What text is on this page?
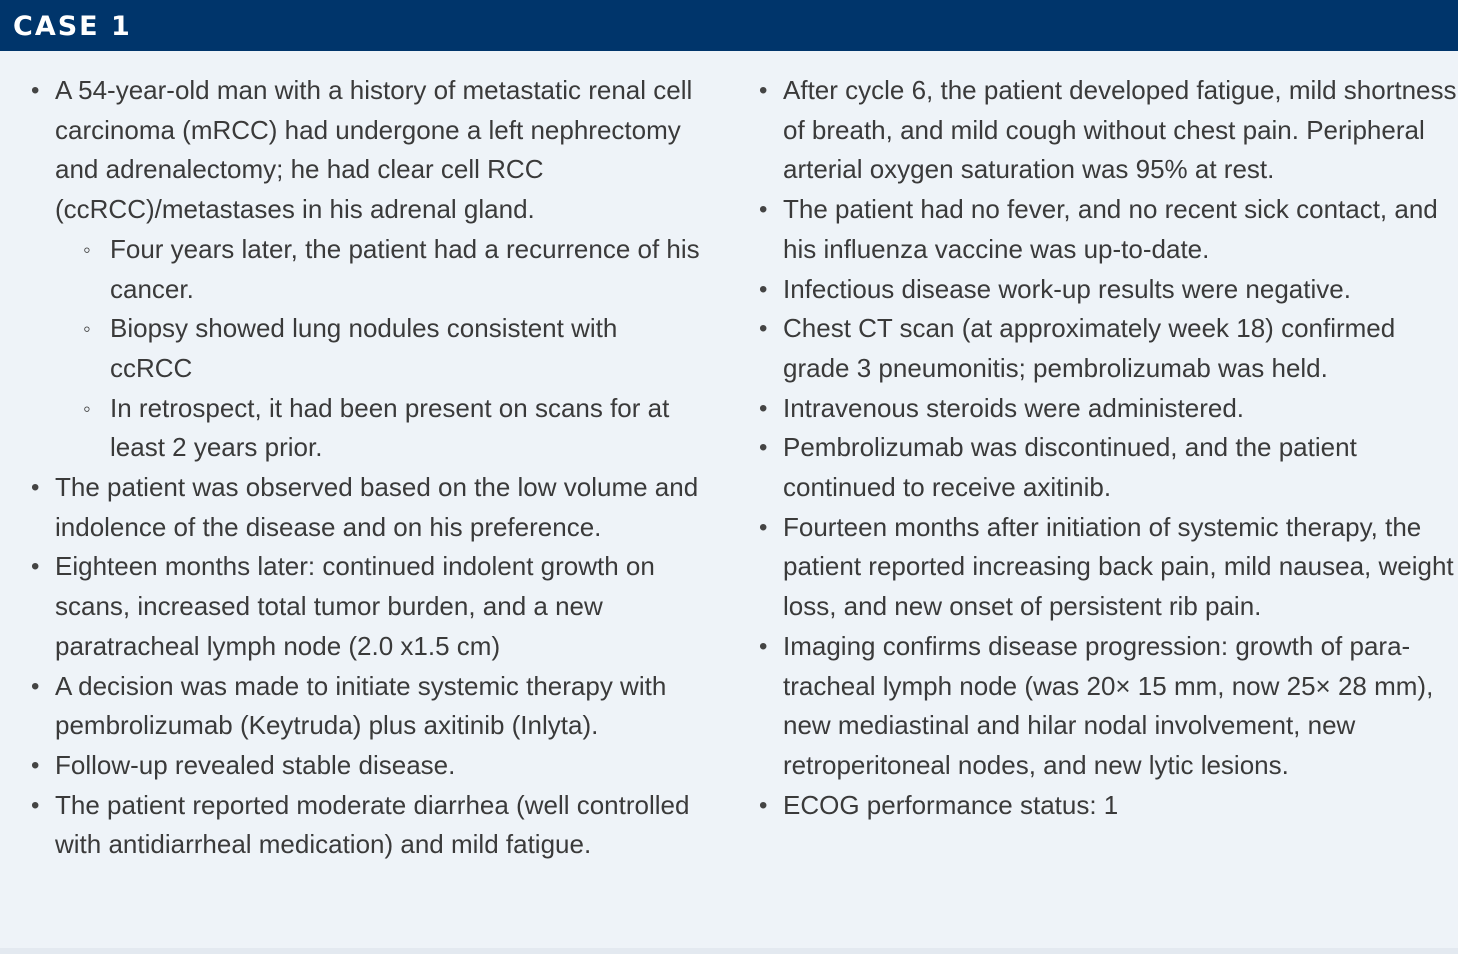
CASE 1
• A 54-year-old man with a history of metastatic renal cell carcinoma (mRCC) had undergone a left nephrectomy and adrenalectomy; he had clear cell RCC (ccRCC)/metastases in his adrenal gland.
◦ Four years later, the patient had a recurrence of his cancer.
◦ Biopsy showed lung nodules consistent with ccRCC
◦ In retrospect, it had been present on scans for at least 2 years prior.
• The patient was observed based on the low volume and indolence of the disease and on his preference.
• Eighteen months later: continued indolent growth on scans, increased total tumor burden, and a new paratracheal lymph node (2.0 x1.5 cm)
• A decision was made to initiate systemic therapy with pembrolizumab (Keytruda) plus axitinib (Inlyta).
• Follow-up revealed stable disease.
• The patient reported moderate diarrhea (well controlled with antidiarrheal medication) and mild fatigue.
• After cycle 6, the patient developed fatigue, mild shortness of breath, and mild cough without chest pain. Peripheral arterial oxygen saturation was 95% at rest.
• The patient had no fever, and no recent sick contact, and his influenza vaccine was up-to-date.
• Infectious disease work-up results were negative.
• Chest CT scan (at approximately week 18) confirmed grade 3 pneumonitis; pembrolizumab was held.
• Intravenous steroids were administered.
• Pembrolizumab was discontinued, and the patient continued to receive axitinib.
• Fourteen months after initiation of systemic therapy, the patient reported increasing back pain, mild nausea, weight loss, and new onset of persistent rib pain.
• Imaging confirms disease progression: growth of para-tracheal lymph node (was 20× 15 mm, now 25× 28 mm), new mediastinal and hilar nodal involvement, new retroperitoneal nodes, and new lytic lesions.
• ECOG performance status: 1
